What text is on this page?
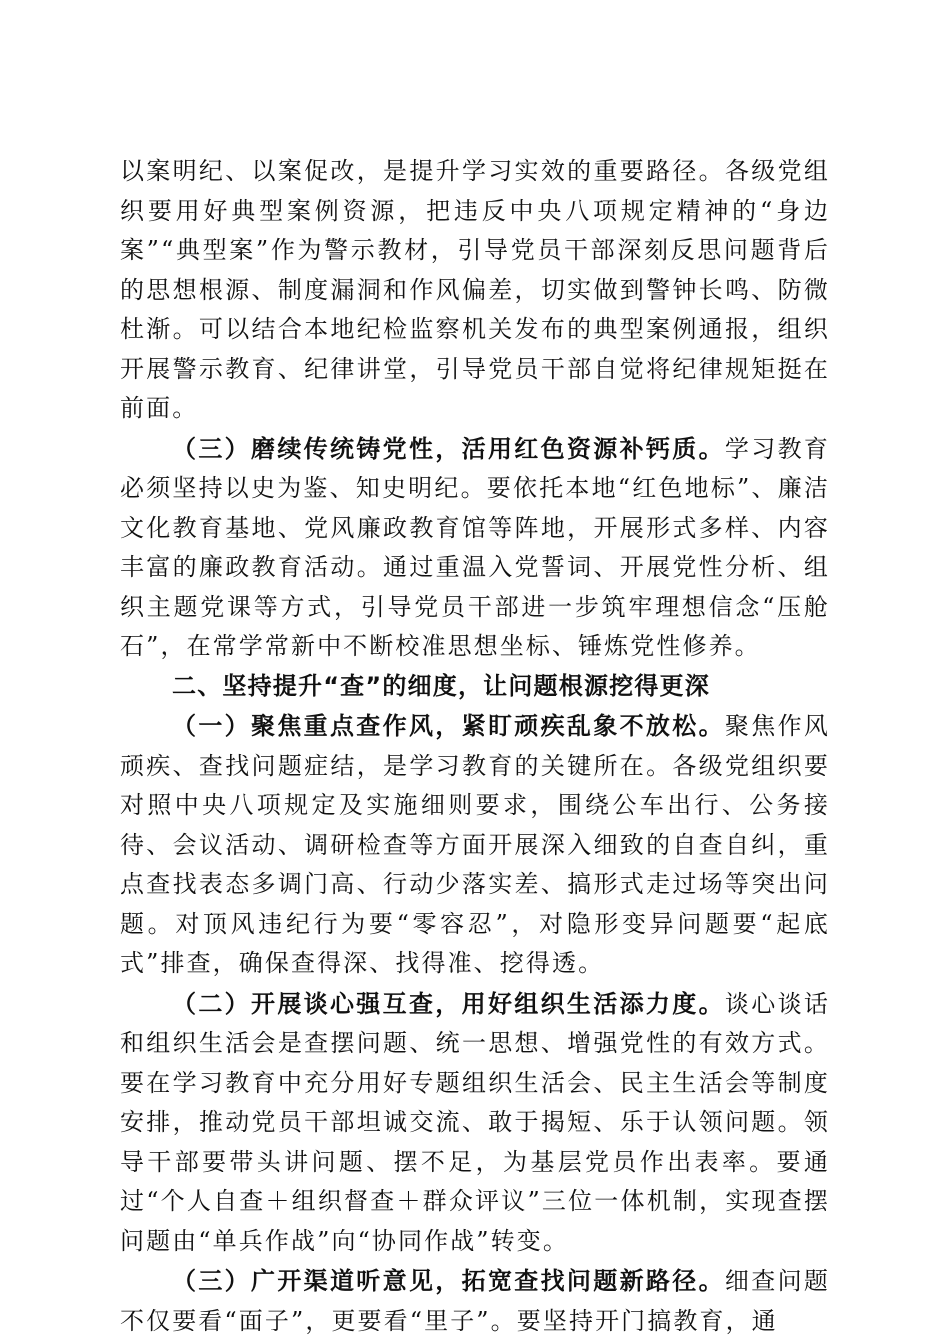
以案明纪、以案促改，是提升学习实效的重要路径。各级党组织要用好典型案例资源，把违反中央八项规定精神的“身边案”“典型案”作为警示教材，引导党员干部深刻反思问题背后的思想根源、制度漏洞和作风偏差，切实做到警钟长鸣、防微杜渐。可以结合本地纪检监察机关发布的典型案例通报，组织开展警示教育、纪律讲堂，引导党员干部自觉将纪律规矩挺在前面。

（三）磨续传统铸党性，活用红色资源补钙质。学习教育必须坚持以史为鉴、知史明纪。要依托本地“红色地标”、廉洁文化教育基地、党风廉政教育馆等阵地，开展形式多样、内容丰富的廉政教育活动。通过重温入党誓词、开展党性分析、组织主题党课等方式，引导党员干部进一步筑牢理想信念“压舱石”，在常学常新中不断校准思想坐标、锤炼党性修养。

二、坚持提升“查”的细度，让问题根源挖得更深

（一）聚焦重点查作风，紧盯顽疾乱象不放松。聚焦作风顽疾、查找问题症结，是学习教育的关键所在。各级党组织要对照中央八项规定及实施细则要求，围绕公车出行、公务接待、会议活动、调研检查等方面开展深入细致的自查自纠，重点查找表态多调门高、行动少落实差、搞形式走过场等突出问题。对顶风违纪行为要“零容忍”，对隐形变异问题要“起底式”排查，确保查得深、找得准、挖得透。

（二）开展谈心强互查，用好组织生活添力度。谈心谈话和组织生活会是查摆问题、统一思想、增强党性的有效方式。要在学习教育中充分用好专题组织生活会、民主生活会等制度安排，推动党员干部坦诚交流、敢于揭短、乐于认领问题。领导干部要带头讲问题、摆不足，为基层党员作出表率。要通过“个人自查＋组织督查＋群众评议”三位一体机制，实现查摆问题由“单兵作战”向“协同作战”转变。

（三）广开渠道听意见，拓宽查找问题新路径。细查问题不仅要看“面子”，更要看“里子”。要坚持开门搞教育，通
